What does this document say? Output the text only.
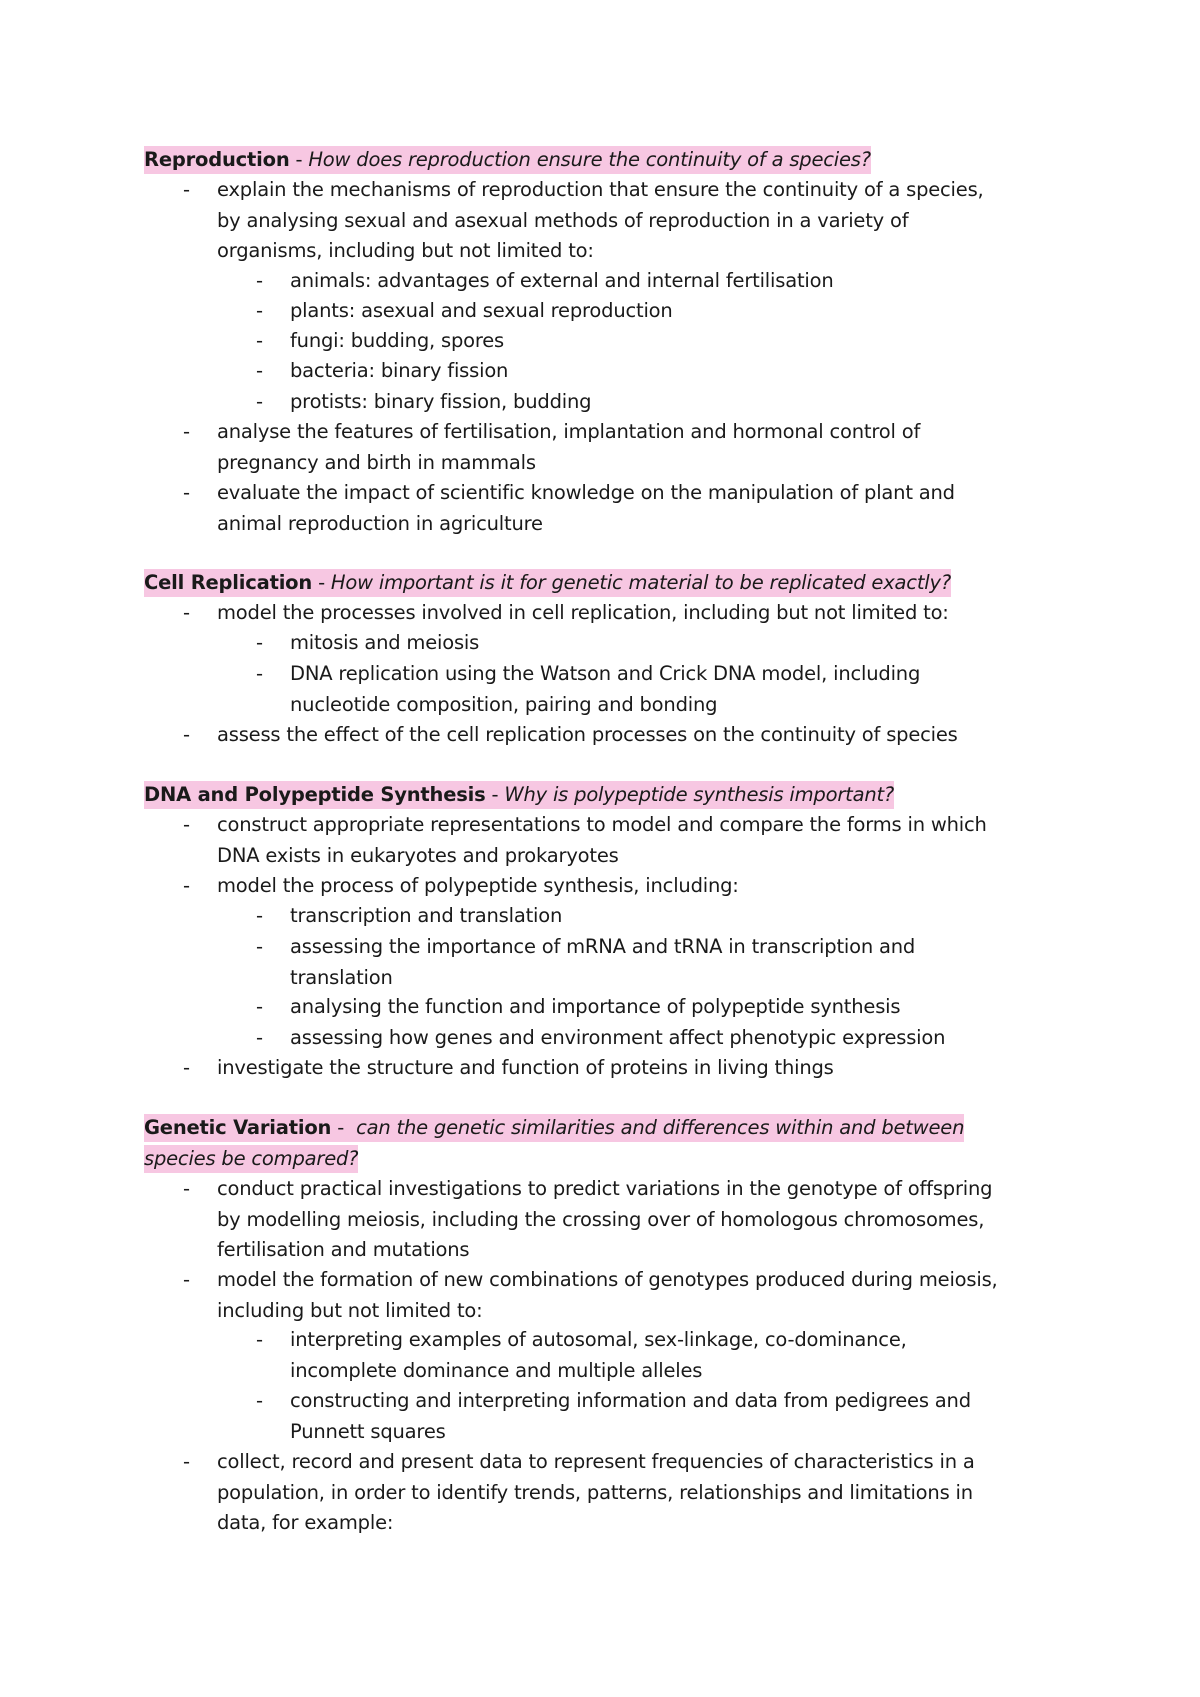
Reproduction - How does reproduction ensure the continuity of a species?
- explain the mechanisms of reproduction that ensure the continuity of a species,
by analysing sexual and asexual methods of reproduction in a variety of
organisms, including but not limited to:
- animals: advantages of external and internal fertilisation
- plants: asexual and sexual reproduction
- fungi: budding, spores
- bacteria: binary fission
- protists: binary fission, budding
- analyse the features of fertilisation, implantation and hormonal control of
pregnancy and birth in mammals
- evaluate the impact of scientific knowledge on the manipulation of plant and
animal reproduction in agriculture
Cell Replication - How important is it for genetic material to be replicated exactly?
- model the processes involved in cell replication, including but not limited to:
- mitosis and meiosis
- DNA replication using the Watson and Crick DNA model, including
nucleotide composition, pairing and bonding
- assess the effect of the cell replication processes on the continuity of species
DNA and Polypeptide Synthesis - Why is polypeptide synthesis important?
- construct appropriate representations to model and compare the forms in which
DNA exists in eukaryotes and prokaryotes
- model the process of polypeptide synthesis, including:
- transcription and translation
- assessing the importance of mRNA and tRNA in transcription and
translation
- analysing the function and importance of polypeptide synthesis
- assessing how genes and environment affect phenotypic expression
- investigate the structure and function of proteins in living things
Genetic Variation -  can the genetic similarities and differences within and between
species be compared?
- conduct practical investigations to predict variations in the genotype of offspring
by modelling meiosis, including the crossing over of homologous chromosomes,
fertilisation and mutations
- model the formation of new combinations of genotypes produced during meiosis,
including but not limited to:
- interpreting examples of autosomal, sex-linkage, co-dominance,
incomplete dominance and multiple alleles
- constructing and interpreting information and data from pedigrees and
Punnett squares
- collect, record and present data to represent frequencies of characteristics in a
population, in order to identify trends, patterns, relationships and limitations in
data, for example:
